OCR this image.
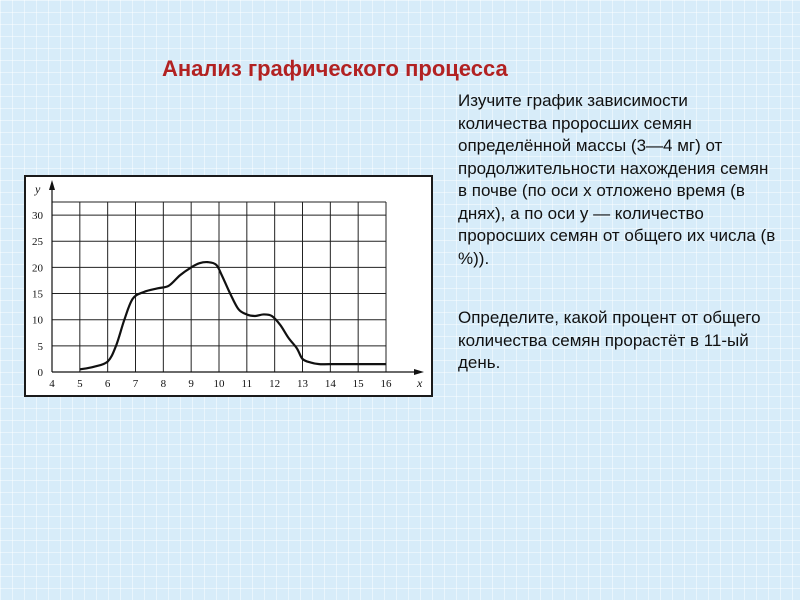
Анализ графического процесса
y
x
4 5 6 7 8 9 10 11 12 13 14 15 16
0
5
10
15
20
25
30

Изучите график зависимости количества проросших семян определённой массы (3—4 мг) от продолжительности нахождения семян в почве (по оси x отложено время (в днях), а по оси y — количество проросших семян от общего их числа (в %)).

Определите, какой процент от общего количества семян прорастёт в 11-ый день.
